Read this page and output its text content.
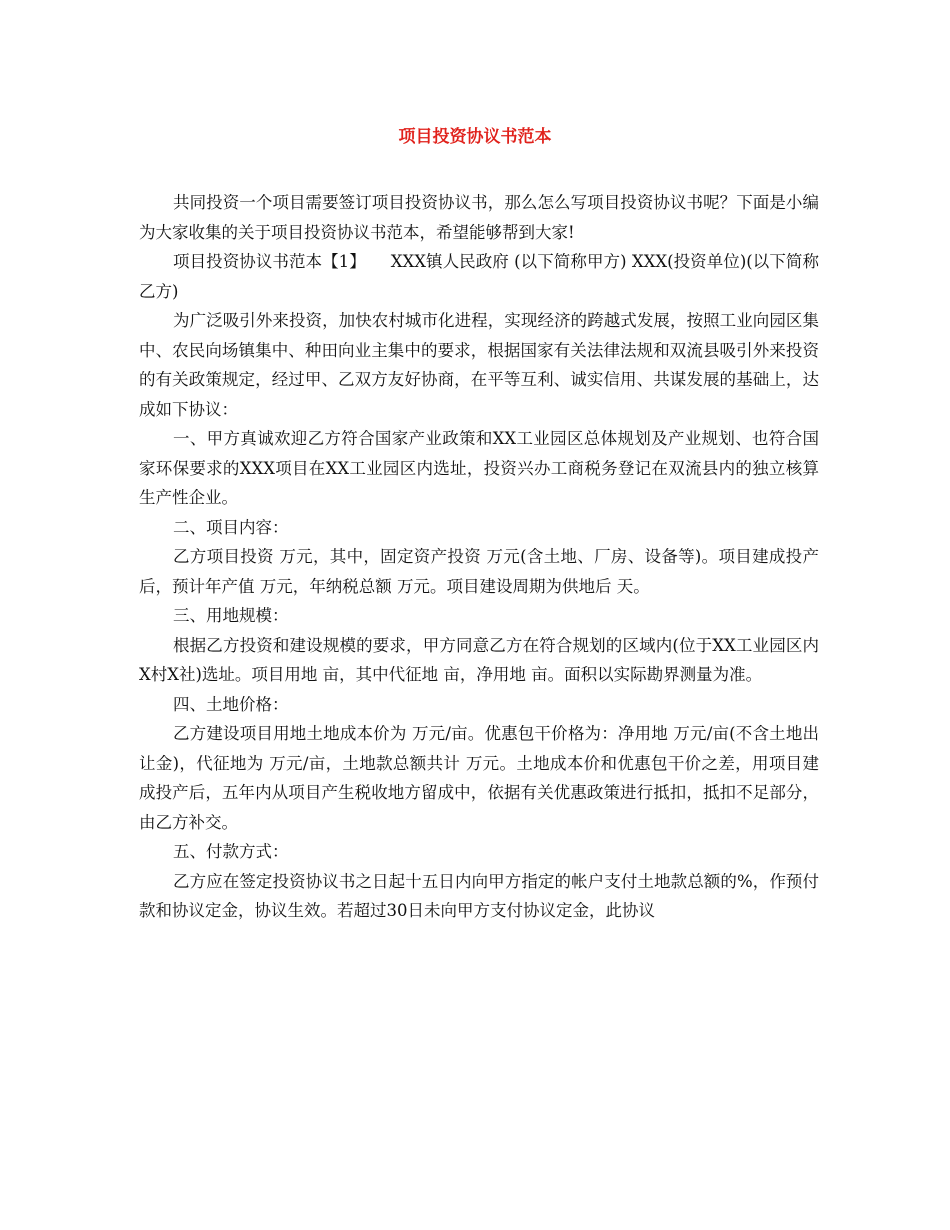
项目投资协议书范本

共同投资一个项目需要签订项目投资协议书，那么怎么写项目投资协议书呢？下面是小编为大家收集的关于项目投资协议书范本，希望能够帮到大家!

项目投资协议书范本【1】　　XXX镇人民政府 (以下简称甲方) XXX(投资单位)(以下简称乙方)

为广泛吸引外来投资，加快农村城市化进程，实现经济的跨越式发展，按照工业向园区集中、农民向场镇集中、种田向业主集中的要求，根据国家有关法律法规和双流县吸引外来投资的有关政策规定，经过甲、乙双方友好协商，在平等互利、诚实信用、共谋发展的基础上，达成如下协议：

一、甲方真诚欢迎乙方符合国家产业政策和XX工业园区总体规划及产业规划、也符合国家环保要求的XXX项目在XX工业园区内选址，投资兴办工商税务登记在双流县内的独立核算生产性企业。

二、项目内容：

乙方项目投资 万元，其中，固定资产投资 万元(含土地、厂房、设备等)。项目建成投产后，预计年产值 万元，年纳税总额 万元。项目建设周期为供地后 天。

三、用地规模：

根据乙方投资和建设规模的要求，甲方同意乙方在符合规划的区域内(位于XX工业园区内X村X社)选址。项目用地 亩，其中代征地 亩，净用地 亩。面积以实际勘界测量为准。

四、土地价格：

乙方建设项目用地土地成本价为 万元/亩。优惠包干价格为：净用地 万元/亩(不含土地出让金)，代征地为 万元/亩，土地款总额共计 万元。土地成本价和优惠包干价之差，用项目建成投产后，五年内从项目产生税收地方留成中，依据有关优惠政策进行抵扣，抵扣不足部分，由乙方补交。

五、付款方式：

乙方应在签定投资协议书之日起十五日内向甲方指定的帐户支付土地款总额的%，作预付款和协议定金，协议生效。若超过30日未向甲方支付协议定金，此协议
